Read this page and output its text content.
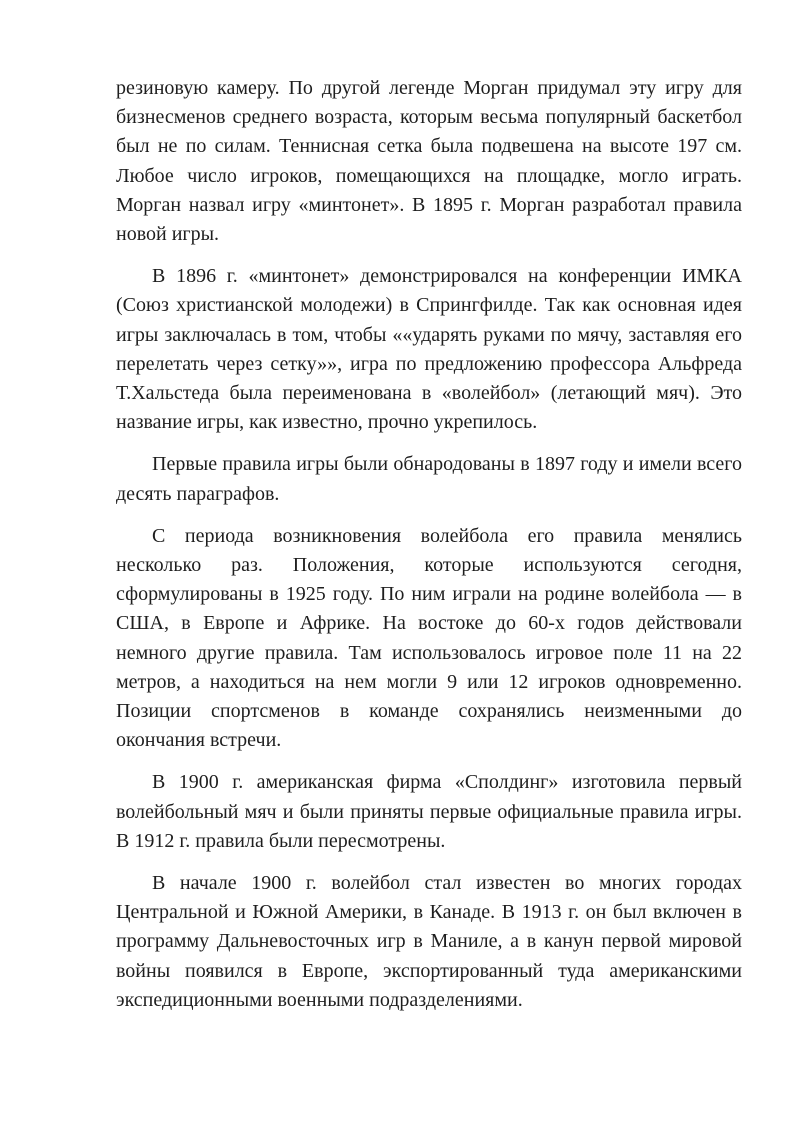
резиновую камеру. По другой легенде Морган придумал эту игру для бизнесменов среднего возраста, которым весьма популярный баскетбол был не по силам. Теннисная сетка была подвешена на высоте 197 см. Любое число игроков, помещающихся на площадке, могло играть. Морган назвал игру «минтонет». В 1895 г. Морган разработал правила новой игры.

В 1896 г. «минтонет» демонстрировался на конференции ИМКА (Союз христианской молодежи) в Спрингфилде. Так как основная идея игры заключалась в том, чтобы ««ударять руками по мячу, заставляя его перелетать через сетку»», игра по предложению профессора Альфреда Т.Хальстеда была переименована в «волейбол» (летающий мяч). Это название игры, как известно, прочно укрепилось.

Первые правила игры были обнародованы в 1897 году и имели всего десять параграфов.

С периода возникновения волейбола его правила менялись несколько раз. Положения, которые используются сегодня, сформулированы в 1925 году. По ним играли на родине волейбола — в США, в Европе и Африке. На востоке до 60-х годов действовали немного другие правила. Там использовалось игровое поле 11 на 22 метров, а находиться на нем могли 9 или 12 игроков одновременно. Позиции спортсменов в команде сохранялись неизменными до окончания встречи.

В 1900 г. американская фирма «Сполдинг» изготовила первый волейбольный мяч и были приняты первые официальные правила игры. В 1912 г. правила были пересмотрены.

В начале 1900 г. волейбол стал известен во многих городах Центральной и Южной Америки, в Канаде. В 1913 г. он был включен в программу Дальневосточных игр в Маниле, а в канун первой мировой войны появился в Европе, экспортированный туда американскими экспедиционными военными подразделениями.
